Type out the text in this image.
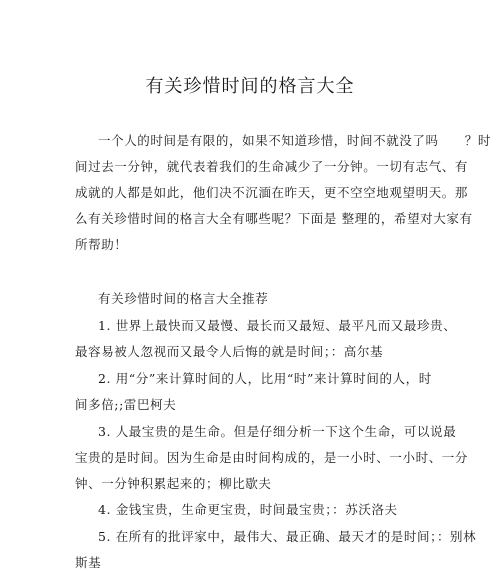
有关珍惜时间的格言大全
一个人的时间是有限的，如果不知道珍惜，时间不就没了吗　　？时
间过去一分钟，就代表着我们的生命减少了一分钟。一切有志气、有
成就的人都是如此，他们决不沉湎在昨天，更不空空地观望明天。那
么有关珍惜时间的格言大全有哪些呢？下面是 整理的，希望对大家有
所帮助！
有关珍惜时间的格言大全推荐
1. 世界上最快而又最慢、最长而又最短、最平凡而又最珍贵、
最容易被人忽视而又最令人后悔的就是时间；：高尔基
2. 用“分”来计算时间的人，比用“时”来计算时间的人，时
间多倍;;雷巴柯夫
3. 人最宝贵的是生命。但是仔细分析一下这个生命，可以说最
宝贵的是时间。因为生命是由时间构成的，是一小时、一小时、一分
钟、一分钟积累起来的；柳比歇夫
4. 金钱宝贵，生命更宝贵，时间最宝贵；：苏沃洛夫
5. 在所有的批评家中，最伟大、最正确、最天才的是时间；：别林
斯基
